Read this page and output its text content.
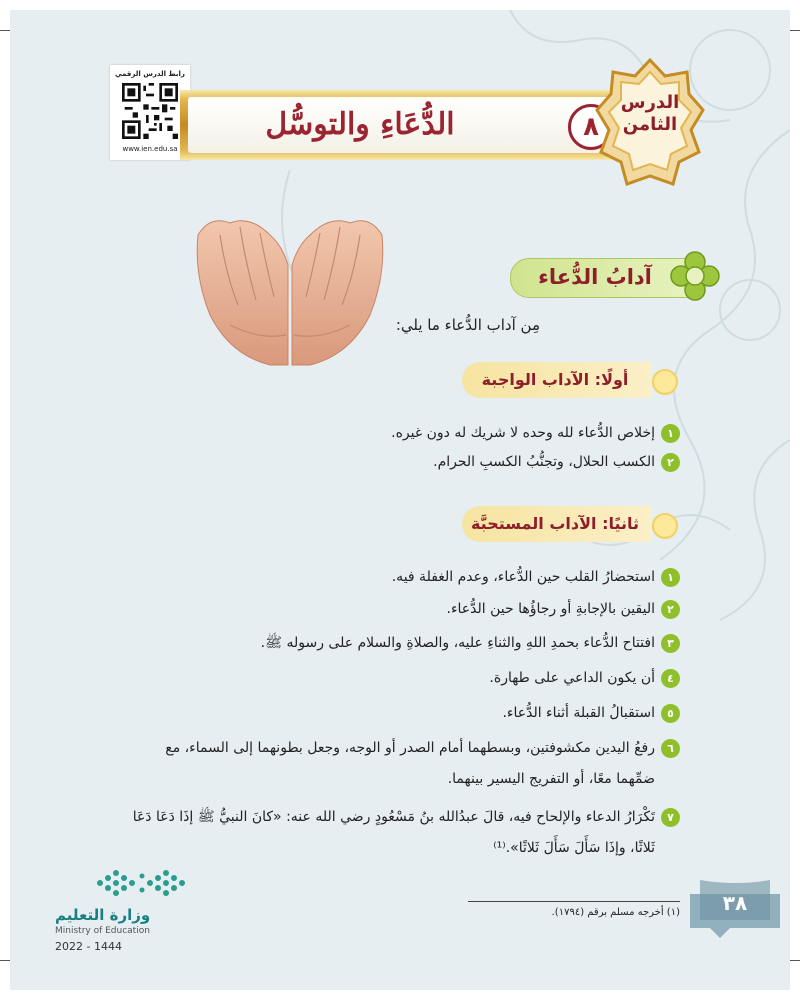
رابط الدرس الرقمي
www.ien.edu.sa
الدُّعَاءِ والتوسُّل	٨
الدرس
الثامن
آدابُ الدُّعاء
مِن آداب الدُّعاء ما يلي:
أولًا: الآداب الواجبة
١إخلاص الدُّعاء لله وحده لا شريك له دون غيره.
٢الكسب الحلال، وتجنُّبُ الكسبِ الحرام.
ثانيًا: الآداب المستحبَّة
١استحضارُ القلب حين الدُّعاء، وعدم الغفلة فيه.
٢اليقين بالإجابةِ أو رجاؤُها حين الدُّعاء.
٣افتتاح الدُّعاء بحمدِ اللهِ والثناءِ عليه، والصلاةِ والسلام على رسوله ﷺ.
٤أن يكون الداعي على طهارة.
٥استقبالُ القبلة أثناء الدُّعاء.
٦رفعُ اليدين مكشوفتين، وبسطهما أمام الصدر أو الوجه، وجعل بطونهما إلى السماء، مع
ضمِّهما معًا، أو التفريج اليسير بينهما.
٧تَكْرَارُ الدعاء والإلحاح فيه، قالَ عبدُالله بنُ مَسْعُودٍ رضي الله عنه: «كانَ النبيُّ ﷺ إذَا دَعَا دَعَا
ثَلاثًا، وإذَا سَأَلَ سَأَلَ ثَلاثًا».⁽¹⁾
(١) أخرجه مسلم برقم (١٧٩٤).	٣٨
وزارة التعليم
Ministry of Education
2022 - 1444
